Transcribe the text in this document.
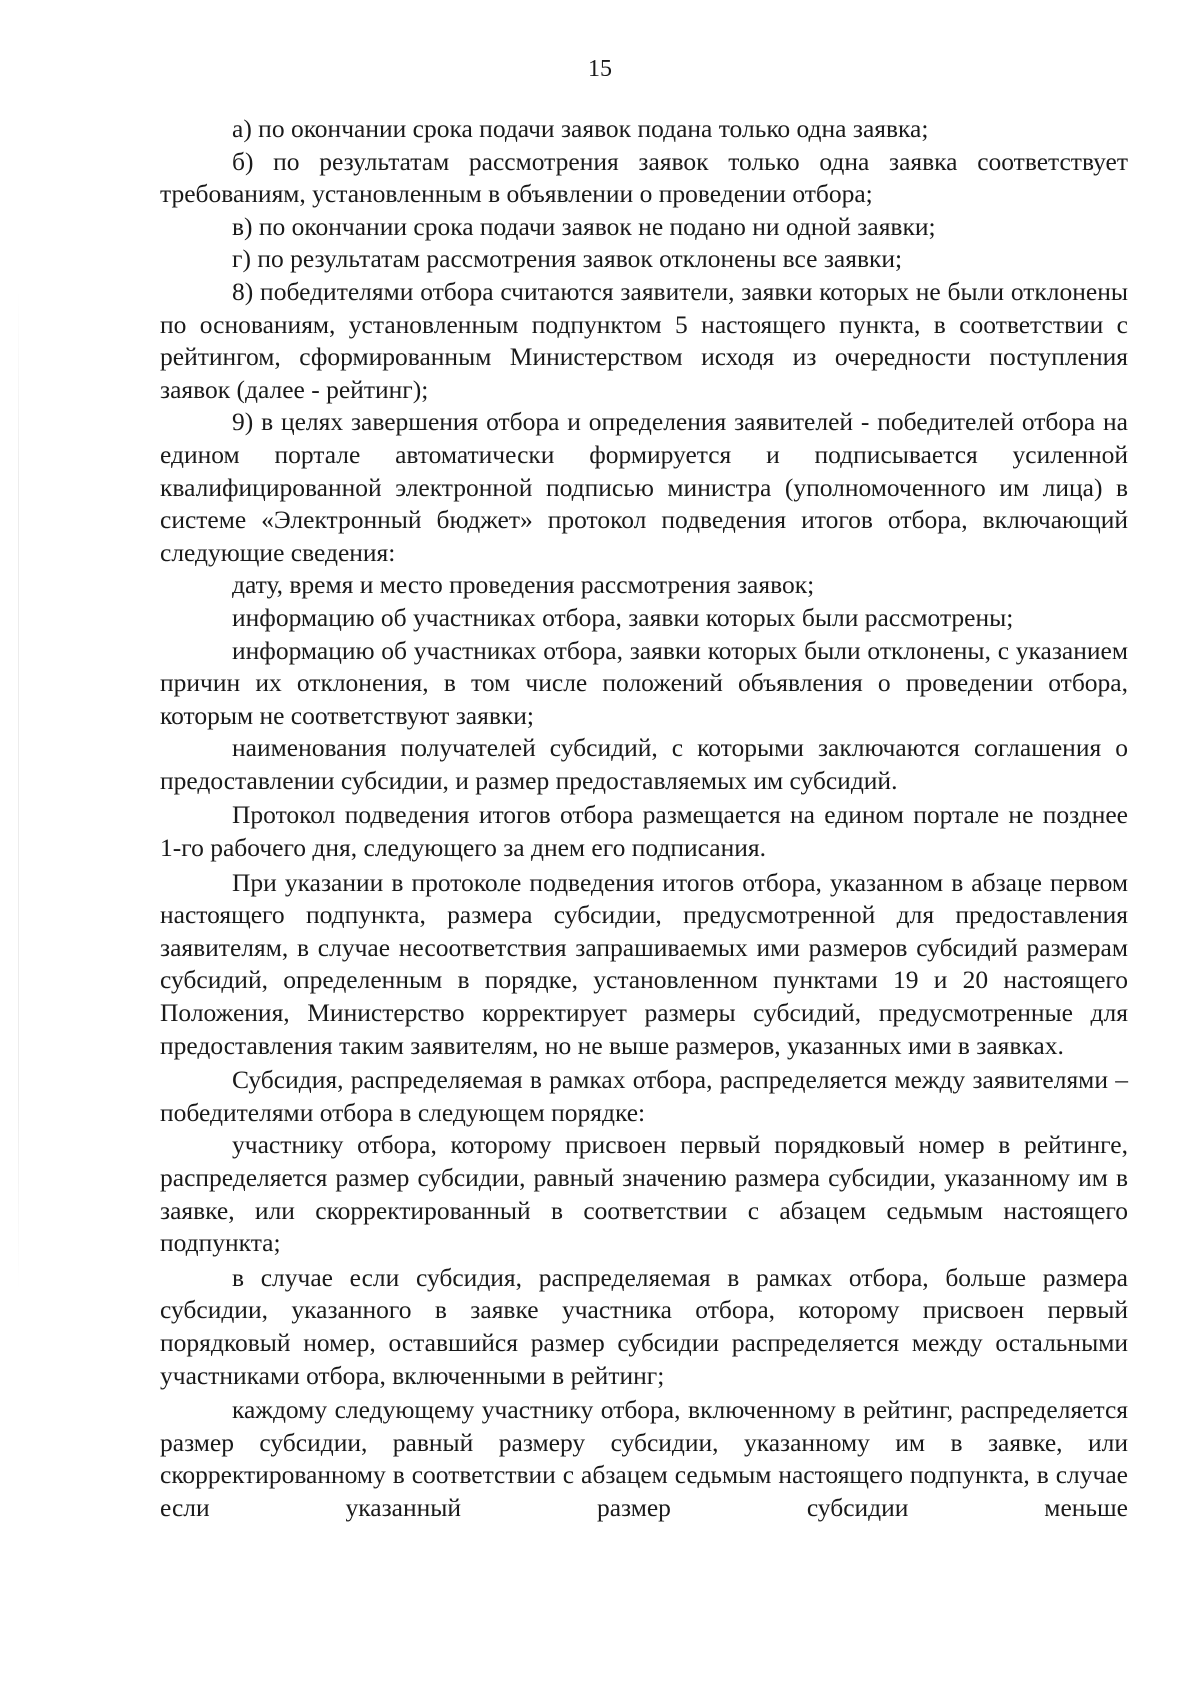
15

а) по окончании срока подачи заявок подана только одна заявка;

б) по результатам рассмотрения заявок только одна заявка соответствует требованиям, установленным в объявлении о проведении отбора;

в) по окончании срока подачи заявок не подано ни одной заявки;

г) по результатам рассмотрения заявок отклонены все заявки;

8) победителями отбора считаются заявители, заявки которых не были отклонены по основаниям, установленным подпунктом 5 настоящего пункта, в соответствии с рейтингом, сформированным Министерством исходя из очередности поступления заявок (далее - рейтинг);

9) в целях завершения отбора и определения заявителей - победителей отбора на едином портале автоматически формируется и подписывается усиленной квалифицированной электронной подписью министра (уполномоченного им лица) в системе «Электронный бюджет» протокол подведения итогов отбора, включающий следующие сведения:

дату, время и место проведения рассмотрения заявок;

информацию об участниках отбора, заявки которых были рассмотрены;

информацию об участниках отбора, заявки которых были отклонены, с указанием причин их отклонения, в том числе положений объявления о проведении отбора, которым не соответствуют заявки;

наименования получателей субсидий, с которыми заключаются соглашения о предоставлении субсидии, и размер предоставляемых им субсидий.

Протокол подведения итогов отбора размещается на едином портале не позднее 1-го рабочего дня, следующего за днем его подписания.

При указании в протоколе подведения итогов отбора, указанном в абзаце первом настоящего подпункта, размера субсидии, предусмотренной для предоставления заявителям, в случае несоответствия запрашиваемых ими размеров субсидий размерам субсидий, определенным в порядке, установленном пунктами 19 и 20 настоящего Положения, Министерство корректирует размеры субсидий, предусмотренные для предоставления таким заявителям, но не выше размеров, указанных ими в заявках.

Субсидия, распределяемая в рамках отбора, распределяется между заявителями – победителями отбора в следующем порядке:

участнику отбора, которому присвоен первый порядковый номер в рейтинге, распределяется размер субсидии, равный значению размера субсидии, указанному им в заявке, или скорректированный в соответствии с абзацем седьмым настоящего подпункта;

в случае если субсидия, распределяемая в рамках отбора, больше размера субсидии, указанного в заявке участника отбора, которому присвоен первый порядковый номер, оставшийся размер субсидии распределяется между остальными участниками отбора, включенными в рейтинг;

каждому следующему участнику отбора, включенному в рейтинг, распределяется размер субсидии, равный размеру субсидии, указанному им в заявке, или скорректированному в соответствии с абзацем седьмым настоящего подпункта, в случае если указанный размер субсидии меньше
